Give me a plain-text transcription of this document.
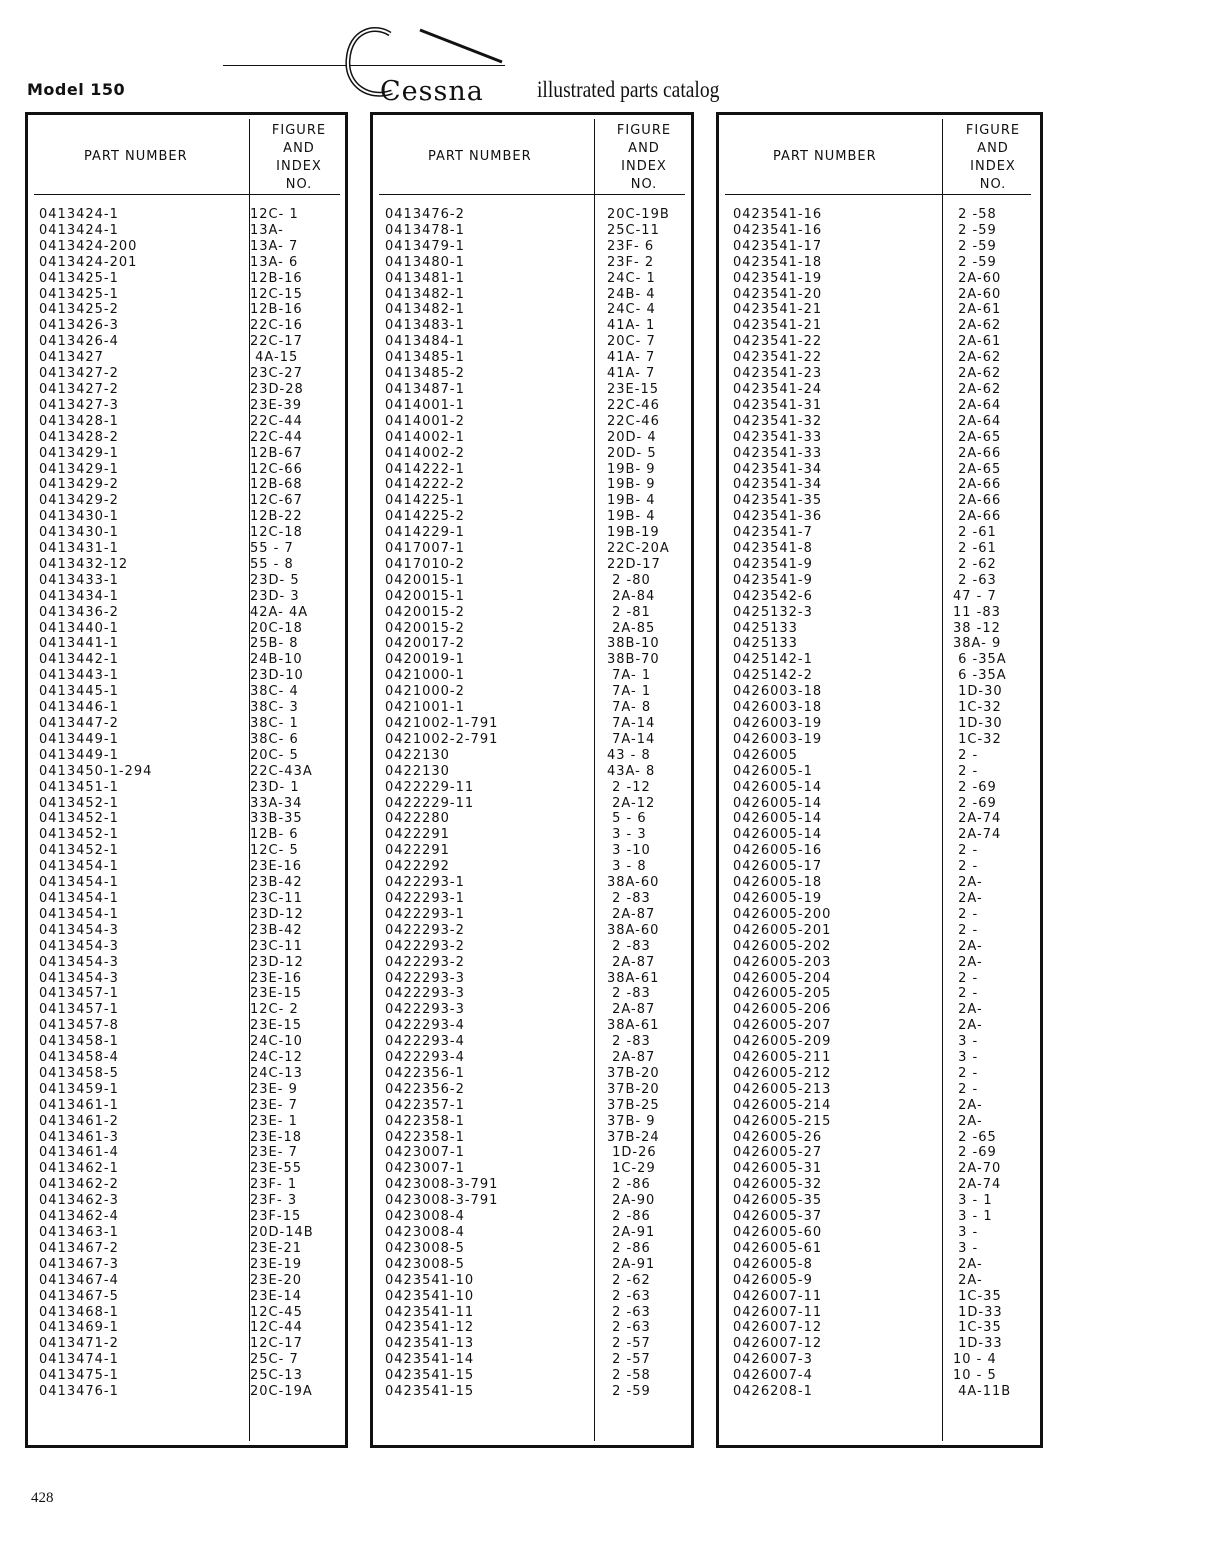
Model 150	Cessna illustrated parts catalog
PART NUMBER
FIGURE
AND
INDEX
NO.
0413424-1	12C- 1
0413424-1	13A-
0413424-200	13A- 7
0413424-201	13A- 6
0413425-1	12B-16
0413425-1	12C-15
0413425-2	12B-16
0413426-3	22C-16
0413426-4	22C-17
0413427	4A-15
0413427-2	23C-27
0413427-2	23D-28
0413427-3	23E-39
0413428-1	22C-44
0413428-2	22C-44
0413429-1	12B-67
0413429-1	12C-66
0413429-2	12B-68
0413429-2	12C-67
0413430-1	12B-22
0413430-1	12C-18
0413431-1	55 - 7
0413432-12	55 - 8
0413433-1	23D- 5
0413434-1	23D- 3
0413436-2	42A- 4A
0413440-1	20C-18
0413441-1	25B- 8
0413442-1	24B-10
0413443-1	23D-10
0413445-1	38C- 4
0413446-1	38C- 3
0413447-2	38C- 1
0413449-1	38C- 6
0413449-1	20C- 5
0413450-1-294	22C-43A
0413451-1	23D- 1
0413452-1	33A-34
0413452-1	33B-35
0413452-1	12B- 6
0413452-1	12C- 5
0413454-1	23E-16
0413454-1	23B-42
0413454-1	23C-11
0413454-1	23D-12
0413454-3	23B-42
0413454-3	23C-11
0413454-3	23D-12
0413454-3	23E-16
0413457-1	23E-15
0413457-1	12C- 2
0413457-8	23E-15
0413458-1	24C-10
0413458-4	24C-12
0413458-5	24C-13
0413459-1	23E- 9
0413461-1	23E- 7
0413461-2	23E- 1
0413461-3	23E-18
0413461-4	23E- 7
0413462-1	23E-55
0413462-2	23F- 1
0413462-3	23F- 3
0413462-4	23F-15
0413463-1	20D-14B
0413467-2	23E-21
0413467-3	23E-19
0413467-4	23E-20
0413467-5	23E-14
0413468-1	12C-45
0413469-1	12C-44
0413471-2	12C-17
0413474-1	25C- 7
0413475-1	25C-13
0413476-1	20C-19A
PART NUMBER
FIGURE
AND
INDEX
NO.
0413476-2	20C-19B
0413478-1	25C-11
0413479-1	23F- 6
0413480-1	23F- 2
0413481-1	24C- 1
0413482-1	24B- 4
0413482-1	24C- 4
0413483-1	41A- 1
0413484-1	20C- 7
0413485-1	41A- 7
0413485-2	41A- 7
0413487-1	23E-15
0414001-1	22C-46
0414001-2	22C-46
0414002-1	20D- 4
0414002-2	20D- 5
0414222-1	19B- 9
0414222-2	19B- 9
0414225-1	19B- 4
0414225-2	19B- 4
0414229-1	19B-19
0417007-1	22C-20A
0417010-2	22D-17
0420015-1	2 -80
0420015-1	2A-84
0420015-2	2 -81
0420015-2	2A-85
0420017-2	38B-10
0420019-1	38B-70
0421000-1	7A- 1
0421000-2	7A- 1
0421001-1	7A- 8
0421002-1-791	7A-14
0421002-2-791	7A-14
0422130	43 - 8
0422130	43A- 8
0422229-11	2 -12
0422229-11	2A-12
0422280	5 - 6
0422291	3 - 3
0422291	3 -10
0422292	3 - 8
0422293-1	38A-60
0422293-1	2 -83
0422293-1	2A-87
0422293-2	38A-60
0422293-2	2 -83
0422293-2	2A-87
0422293-3	38A-61
0422293-3	2 -83
0422293-3	2A-87
0422293-4	38A-61
0422293-4	2 -83
0422293-4	2A-87
0422356-1	37B-20
0422356-2	37B-20
0422357-1	37B-25
0422358-1	37B- 9
0422358-1	37B-24
0423007-1	1D-26
0423007-1	1C-29
0423008-3-791	2 -86
0423008-3-791	2A-90
0423008-4	2 -86
0423008-4	2A-91
0423008-5	2 -86
0423008-5	2A-91
0423541-10	2 -62
0423541-10	2 -63
0423541-11	2 -63
0423541-12	2 -63
0423541-13	2 -57
0423541-14	2 -57
0423541-15	2 -58
0423541-15	2 -59
PART NUMBER
FIGURE
AND
INDEX
NO.
0423541-16	2 -58
0423541-16	2 -59
0423541-17	2 -59
0423541-18	2 -59
0423541-19	2A-60
0423541-20	2A-60
0423541-21	2A-61
0423541-21	2A-62
0423541-22	2A-61
0423541-22	2A-62
0423541-23	2A-62
0423541-24	2A-62
0423541-31	2A-64
0423541-32	2A-64
0423541-33	2A-65
0423541-33	2A-66
0423541-34	2A-65
0423541-34	2A-66
0423541-35	2A-66
0423541-36	2A-66
0423541-7	2 -61
0423541-8	2 -61
0423541-9	2 -62
0423541-9	2 -63
0423542-6	47 - 7
0425132-3	11 -83
0425133	38 -12
0425133	38A- 9
0425142-1	6 -35A
0425142-2	6 -35A
0426003-18	1D-30
0426003-18	1C-32
0426003-19	1D-30
0426003-19	1C-32
0426005	2 -
0426005-1	2 -
0426005-14	2 -69
0426005-14	2 -69
0426005-14	2A-74
0426005-14	2A-74
0426005-16	2 -
0426005-17	2 -
0426005-18	2A-
0426005-19	2A-
0426005-200	2 -
0426005-201	2 -
0426005-202	2A-
0426005-203	2A-
0426005-204	2 -
0426005-205	2 -
0426005-206	2A-
0426005-207	2A-
0426005-209	3 -
0426005-211	3 -
0426005-212	2 -
0426005-213	2 -
0426005-214	2A-
0426005-215	2A-
0426005-26	2 -65
0426005-27	2 -69
0426005-31	2A-70
0426005-32	2A-74
0426005-35	3 - 1
0426005-37	3 - 1
0426005-60	3 -
0426005-61	3 -
0426005-8	2A-
0426005-9	2A-
0426007-11	1C-35
0426007-11	1D-33
0426007-12	1C-35
0426007-12	1D-33
0426007-3	10 - 4
0426007-4	10 - 5
0426208-1	4A-11B
428
